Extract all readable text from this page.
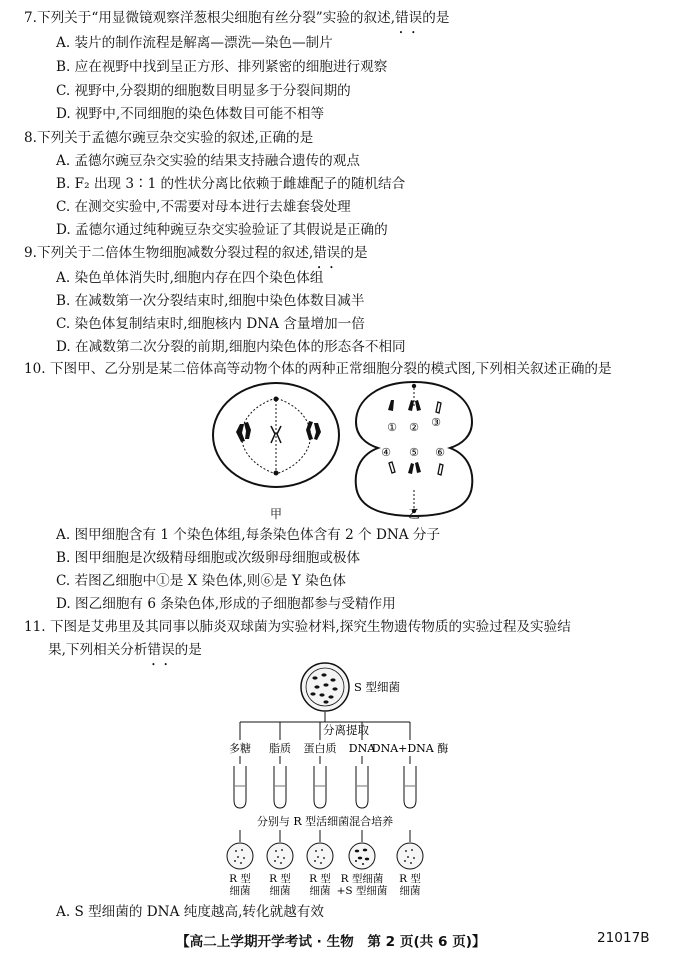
7.下列关于“用显微镜观察洋葱根尖细胞有丝分裂”实验的叙述,错误 • •的是
A. 装片的制作流程是解离—漂洗—染色—制片
B. 应在视野中找到呈正方形、排列紧密的细胞进行观察
C. 视野中,分裂期的细胞数目明显多于分裂间期的
D. 视野中,不同细胞的染色体数目可能不相等
8.下列关于孟德尔豌豆杂交实验的叙述,正确的是
A. 孟德尔豌豆杂交实验的结果支持融合遗传的观点
B. F₂ 出现 3∶1 的性状分离比依赖于雌雄配子的随机结合
C. 在测交实验中,不需要对母本进行去雄套袋处理
D. 孟德尔通过纯种豌豆杂交实验验证了其假说是正确的
9.下列关于二倍体生物细胞减数分裂过程的叙述,错误 • •的是
A. 染色单体消失时,细胞内存在四个染色体组
B. 在减数第一次分裂结束时,细胞中染色体数目减半
C. 染色体复制结束时,细胞核内 DNA 含量增加一倍
D. 在减数第二次分裂的前期,细胞内染色体的形态各不相同
10. 下图甲、乙分别是某二倍体高等动物个体的两种正常细胞分裂的模式图,下列相关叙述正确的是
① ② ③
④ ⑤ ⑥
甲	乙
A. 图甲细胞含有 1 个染色体组,每条染色体含有 2 个 DNA 分子
B. 图甲细胞是次级精母细胞或次级卵母细胞或极体
C. 若图乙细胞中①是 X 染色体,则⑥是 Y 染色体
D. 图乙细胞有 6 条染色体,形成的子细胞都参与受精作用
11. 下图是艾弗里及其同事以肺炎双球菌为实验材料,探究生物遗传物质的实验过程及实验结
果,下列相关分析错误 • •的是
S 型细菌
分离提取
多糖 脂质 蛋白质 DNA
DNA+DNA 酶
分别与 R 型活细菌混合培养
R 型细菌
R 型细菌
R 型细菌
R 型细菌+S 型细菌
R 型细菌
A. S 型细菌的 DNA 纯度越高,转化就越有效
【高二上学期开学考试 · 生物　第 2 页(共 6 页)】	21017B
